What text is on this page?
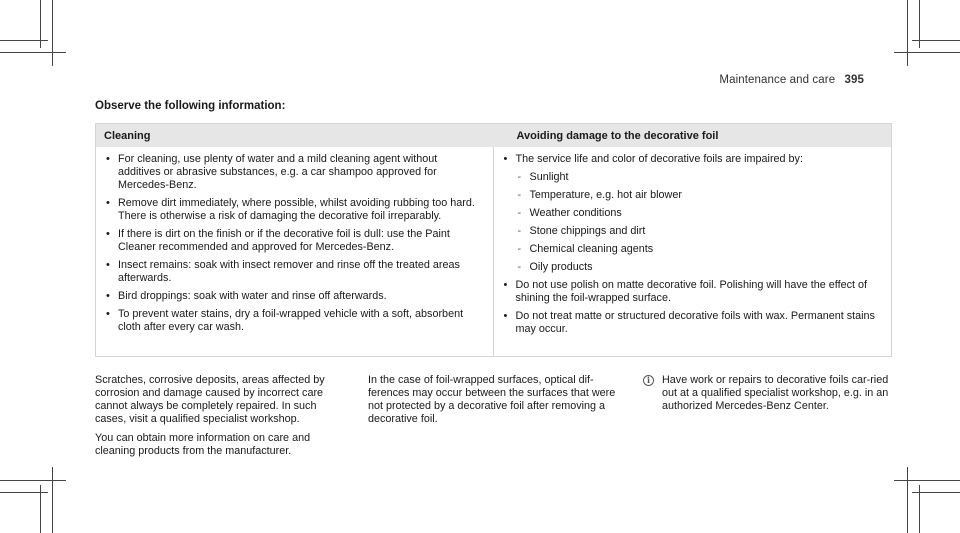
Maintenance and care 395
Observe the following information:
Cleaning	Avoiding damage to the decorative foil
• For cleaning, use plenty of water and a mild cleaning agent without additives or abrasive substances, e.g. a car shampoo approved for Mercedes-Benz.
• Remove dirt immediately, where possible, whilst avoiding rubbing too hard. There is otherwise a risk of damaging the decorative foil irreparably.
• If there is dirt on the finish or if the decorative foil is dull: use the Paint Cleaner recommended and approved for Mercedes-Benz.
• Insect remains: soak with insect remover and rinse off the treated areas afterwards.
• Bird droppings: soak with water and rinse off afterwards.
• To prevent water stains, dry a foil-wrapped vehicle with a soft, absorbent cloth after every car wash.
• The service life and color of decorative foils are impaired by:
- Sunlight
- Temperature, e.g. hot air blower
- Weather conditions
- Stone chippings and dirt
- Chemical cleaning agents
- Oily products
• Do not use polish on matte decorative foil. Polishing will have the effect of shining the foil-wrapped surface.
• Do not treat matte or structured decorative foils with wax. Permanent stains may occur.

Scratches, corrosive deposits, areas affected by corrosion and damage caused by incorrect care cannot always be completely repaired. In such cases, visit a qualified specialist workshop.

You can obtain more information on care and cleaning products from the manufacturer.

In the case of foil-wrapped surfaces, optical dif-ferences may occur between the surfaces that were not protected by a decorative foil after removing a decorative foil.

i	Have work or repairs to decorative foils car-ried out at a qualified specialist workshop, e.g. in an authorized Mercedes-Benz Center.
